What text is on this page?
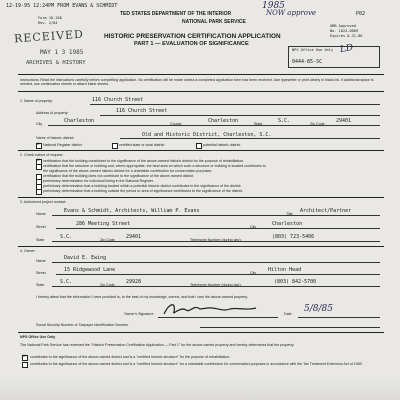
12-19-95 12:24PM FROM EVANS & SCHMIDT
P02
1985
Form 10-168
Rev. 2/84
TED STATES DEPARTMENT OF THE INTERIOR	NOW approve
NATIONAL PARK SERVICE
OMB Approved
No. 1024-0009
Expires 8-31-86
HISTORIC PRESERVATION CERTIFICATION APPLICATION
PART 1 — EVALUATION OF SIGNIFICANCE	LD
NPS Office Use Only
0444-85-SC
RECEIVED
MAY 1 3 1985
ARCHIVES & HISTORY
Instructions: Read the instructions carefully before completing application. No certification will be made unless a completed application form has been received. Use typewriter or print clearly in black ink. If additional space is needed, use continuation sheets or attach blank sheets.
1. Name of property:	116 Church Street
Address of property:	116 Church Street
City	Charleston	County	Charleston	State	S.C.	Zip Code 29401
Name of historic district:	Old and Historic District, Charleston, S.C.
x
National Register district	certified state or local district	potential historic district
2. Check nature of request:
x
certification that the building contributes to the significance of the above-named historic district for the purpose of rehabilitation.
certification that the structure or building and, where appropriate, the land area on which such a structure or building is located contributes to
the significance of the above-named historic district for a charitable contribution for conservation purposes.
certification that the building does not contribute to the significance of the above-named district.
preliminary determination for individual listing in the National Register.
preliminary determination that a building located within a potential historic district contributes to the significance of the district.
preliminary determination that a building outside the period or area of significance contributes to the significance of the district.
3. Authorized project contact:
Name	Evans & Schmidt, Architects, William P. Evans	Title Architect/Partner
Street	286 Meeting Street	City	Charleston
State	S.C.	Zip Code 29401	Telephone Number (during day):	(803) 723-5406
4. Owner:
Name	David E. Ewing
Street	15 Ridgewood Lane	City Hilton Head
State	S.C.	Zip Code 29928	Telephone Number (during day):	(803) 842-5700
I hereby attest that the information I have provided is, to the best of my knowledge, correct, and that I own the above-named property.
Owner's Signature	Date 5/8/85
Social Security Number or Taxpayer Identification Number
NPS Office Use Only
The National Park Service has reviewed the "Historic Preservation Certification Application — Part 1" for the above-named property and hereby determines that the property:
x
contributes to the significance of the above-named district and is a "certified historic structure" for the purpose of rehabilitation.
contributes to the significance of the above-named district and is a "certified historic structure" for a charitable contribution for conservation purposes in accordance with the Tax Treatment Extension Act of 1980.
